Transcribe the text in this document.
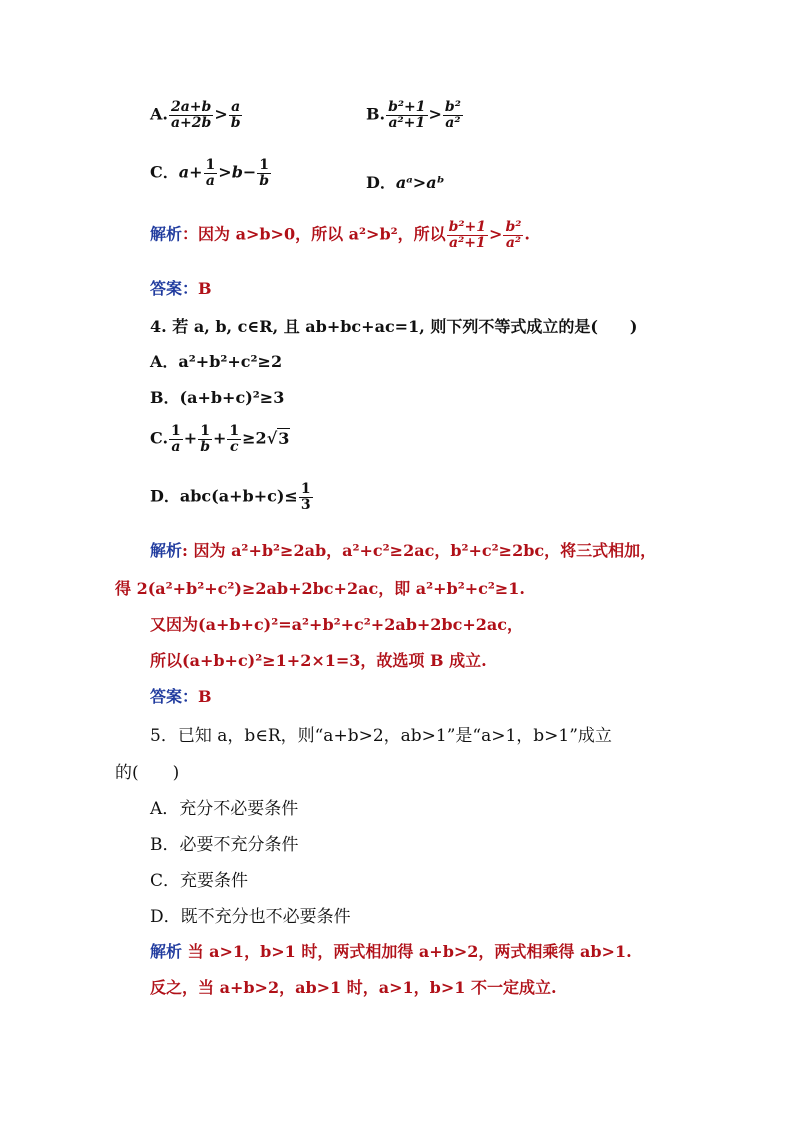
A. $\frac{2a+b}{a+2b} > \frac{a}{b}$	B. $\frac{\text{b²+1}}{\text{a²+1}} > \frac{\text{b²}}{\text{a²}}$
C．$a+ \frac{1}{a} >b- \frac{1}{b}$	D．aᵃ>aᵇ
解析：因为 a>b>0，所以 a²>b²，所以 $\frac{\text{b²+1}}{\text{a²+1}} > \frac{\text{b²}}{\text{a²}}$ .
答案：B
4. 若 a, b, c∈R, 且 ab+bc+ac=1, 则下列不等式成立的是(　　)
A．a²+b²+c²≥2
B．(a+b+c)²≥3
C. $\frac{1}{a} + \frac{1}{b} + \frac{1}{c} \ge 2√3$
D．$abc(a+b+c)\le \frac{1}{3}$
解析: 因为 a²+b²≥2ab，a²+c²≥2ac，b²+c²≥2bc，将三式相加，
得 2(a²+b²+c²)≥2ab+2bc+2ac，即 a²+b²+c²≥1.
又因为(a+b+c)²=a²+b²+c²+2ab+2bc+2ac，
所以(a+b+c)²≥1+2×1=3，故选项 B 成立.
答案：B
5．已知 a，b∈R，则“a+b>2，ab>1”是“a>1，b>1”成立
的(　　)
A．充分不必要条件
B．必要不充分条件
C．充要条件
D．既不充分也不必要条件
解析 当 a>1，b>1 时，两式相加得 a+b>2，两式相乘得 ab>1.
反之，当 a+b>2，ab>1 时，a>1，b>1 不一定成立.
